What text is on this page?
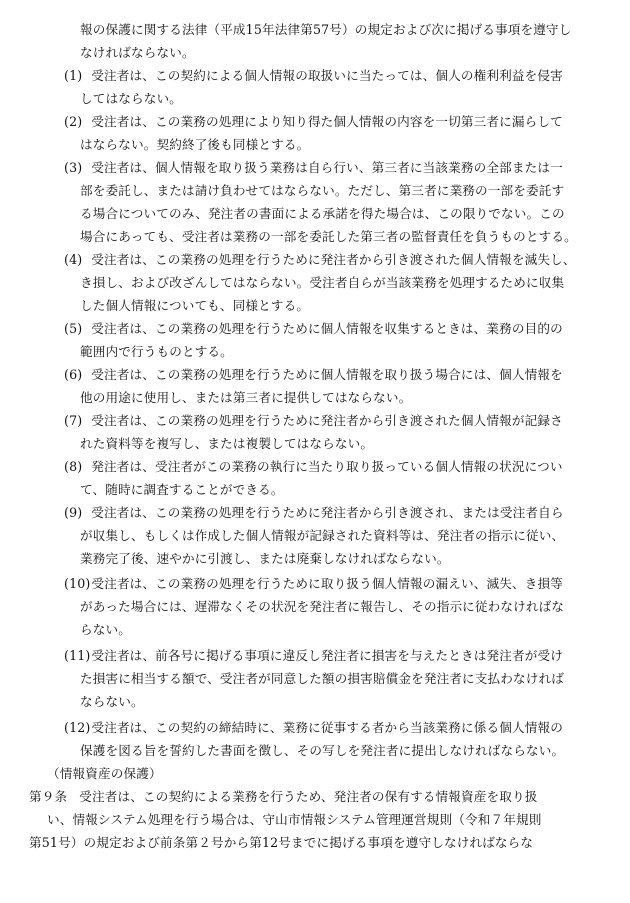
報の保護に関する法律（平成15年法律第57号）の規定および次に掲げる事項を遵守し
なければならない。
(1) 受注者は、この契約による個人情報の取扱いに当たっては、個人の権利利益を侵害
してはならない。
(2) 受注者は、この業務の処理により知り得た個人情報の内容を一切第三者に漏らして
はならない。契約終了後も同様とする。
(3) 受注者は、個人情報を取り扱う業務は自ら行い、第三者に当該業務の全部または一
部を委託し、または請け負わせてはならない。ただし、第三者に業務の一部を委託す
る場合についてのみ、発注者の書面による承諾を得た場合は、この限りでない。この
場合にあっても、受注者は業務の一部を委託した第三者の監督責任を負うものとする。
(4) 受注者は、この業務の処理を行うために発注者から引き渡された個人情報を滅失し、
き損し、および改ざんしてはならない。受注者自らが当該業務を処理するために収集
した個人情報についても、同様とする。
(5) 受注者は、この業務の処理を行うために個人情報を収集するときは、業務の目的の
範囲内で行うものとする。
(6) 受注者は、この業務の処理を行うために個人情報を取り扱う場合には、個人情報を
他の用途に使用し、または第三者に提供してはならない。
(7) 受注者は、この業務の処理を行うために発注者から引き渡された個人情報が記録さ
れた資料等を複写し、または複製してはならない。
(8) 発注者は、受注者がこの業務の執行に当たり取り扱っている個人情報の状況につい
て、随時に調査することができる。
(9) 受注者は、この業務の処理を行うために発注者から引き渡され、または受注者自ら
が収集し、もしくは作成した個人情報が記録された資料等は、発注者の指示に従い、
業務完了後、速やかに引渡し、または廃棄しなければならない。
(10)受注者は、この業務の処理を行うために取り扱う個人情報の漏えい、滅失、き損等
があった場合には、遅滞なくその状況を発注者に報告し、その指示に従わなければな
らない。
(11)受注者は、前各号に掲げる事項に違反し発注者に損害を与えたときは発注者が受け
た損害に相当する額で、受注者が同意した額の損害賠償金を発注者に支払わなければ
ならない。
(12)受注者は、この契約の締結時に、業務に従事する者から当該業務に係る個人情報の
保護を図る旨を誓約した書面を徴し、その写しを発注者に提出しなければならない。
（情報資産の保護）
第９条 受注者は、この契約による業務を行うため、発注者の保有する情報資産を取り扱
い、情報システム処理を行う場合は、守山市情報システム管理運営規則（令和７年規則
第51号）の規定および前条第２号から第12号までに掲げる事項を遵守しなければならな
